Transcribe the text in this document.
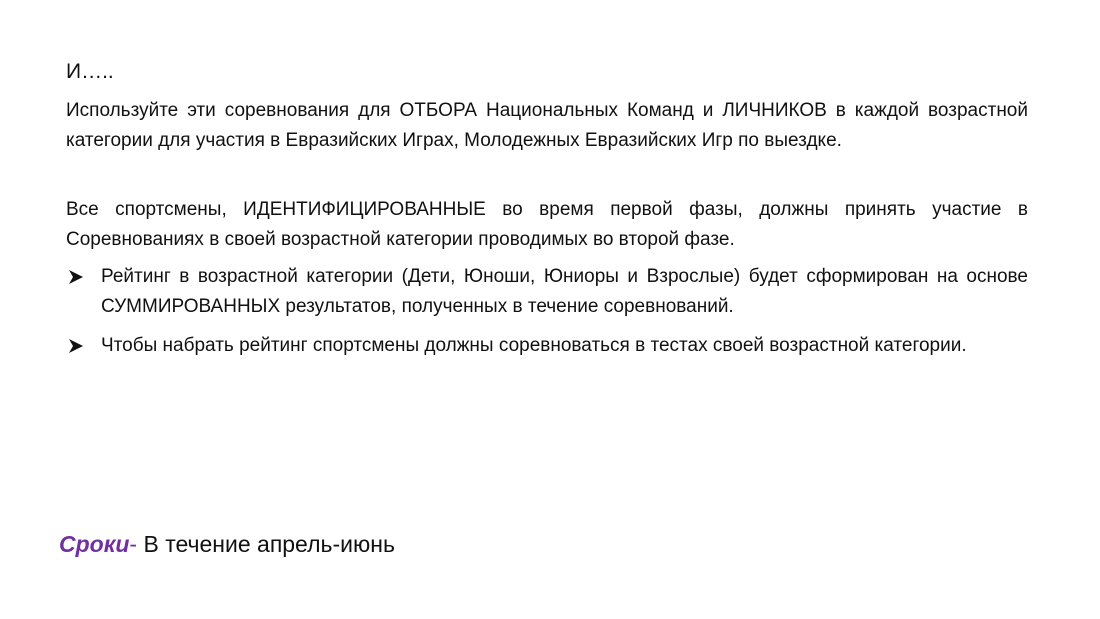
И…..

Используйте эти соревнования для ОТБОРА Национальных Команд и ЛИЧНИКОВ в каждой возрастной категории для участия в Евразийских Играх, Молодежных Евразийских Игр по выездке.

Все спортсмены, ИДЕНТИФИЦИРОВАННЫЕ во время первой фазы, должны принять участие в Соревнованиях в своей возрастной категории проводимых во второй фазе.

Рейтинг в возрастной категории (Дети, Юноши, Юниоры и Взрослые) будет сформирован на основе СУММИРОВАННЫХ результатов, полученных в течение соревнований.
Чтобы набрать рейтинг спортсмены должны соревноваться в тестах своей возрастной категории.

Сроки- В течение апрель-июнь
